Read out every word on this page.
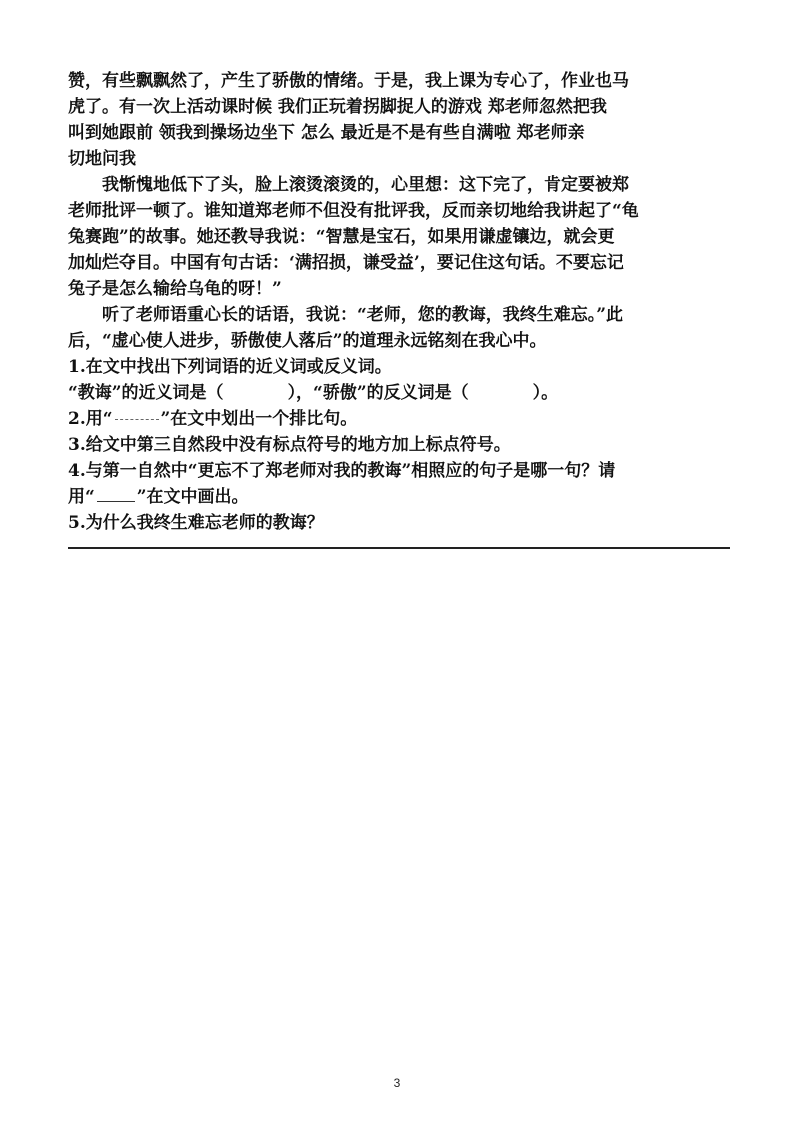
赞，有些飘飘然了，产生了骄傲的情绪。于是，我上课为专心了，作业也马
虎了。有一次上活动课时候 我们正玩着拐脚捉人的游戏 郑老师忽然把我
叫到她跟前 领我到操场边坐下 怎么 最近是不是有些自满啦 郑老师亲
切地问我
我惭愧地低下了头，脸上滚烫滚烫的，心里想：这下完了，肯定要被郑
老师批评一顿了。谁知道郑老师不但没有批评我，反而亲切地给我讲起了“龟
兔赛跑”的故事。她还教导我说：“智慧是宝石，如果用谦虚镶边，就会更
加灿烂夺目。中国有句古话：‘满招损，谦受益’，要记住这句话。不要忘记
兔子是怎么输给乌龟的呀！”
听了老师语重心长的话语，我说：“老师，您的教诲，我终生难忘。”此
后，“虚心使人进步，骄傲使人落后”的道理永远铭刻在我心中。
1.在文中找出下列词语的近义词或反义词。
“教诲”的近义词是（	），“骄傲”的反义词是（	）。
2.用“	”在文中划出一个排比句。
3.给文中第三自然段中没有标点符号的地方加上标点符号。
4.与第一自然中“更忘不了郑老师对我的教诲”相照应的句子是哪一句？请
用“ ”在文中画出。
5.为什么我终生难忘老师的教诲？
3
